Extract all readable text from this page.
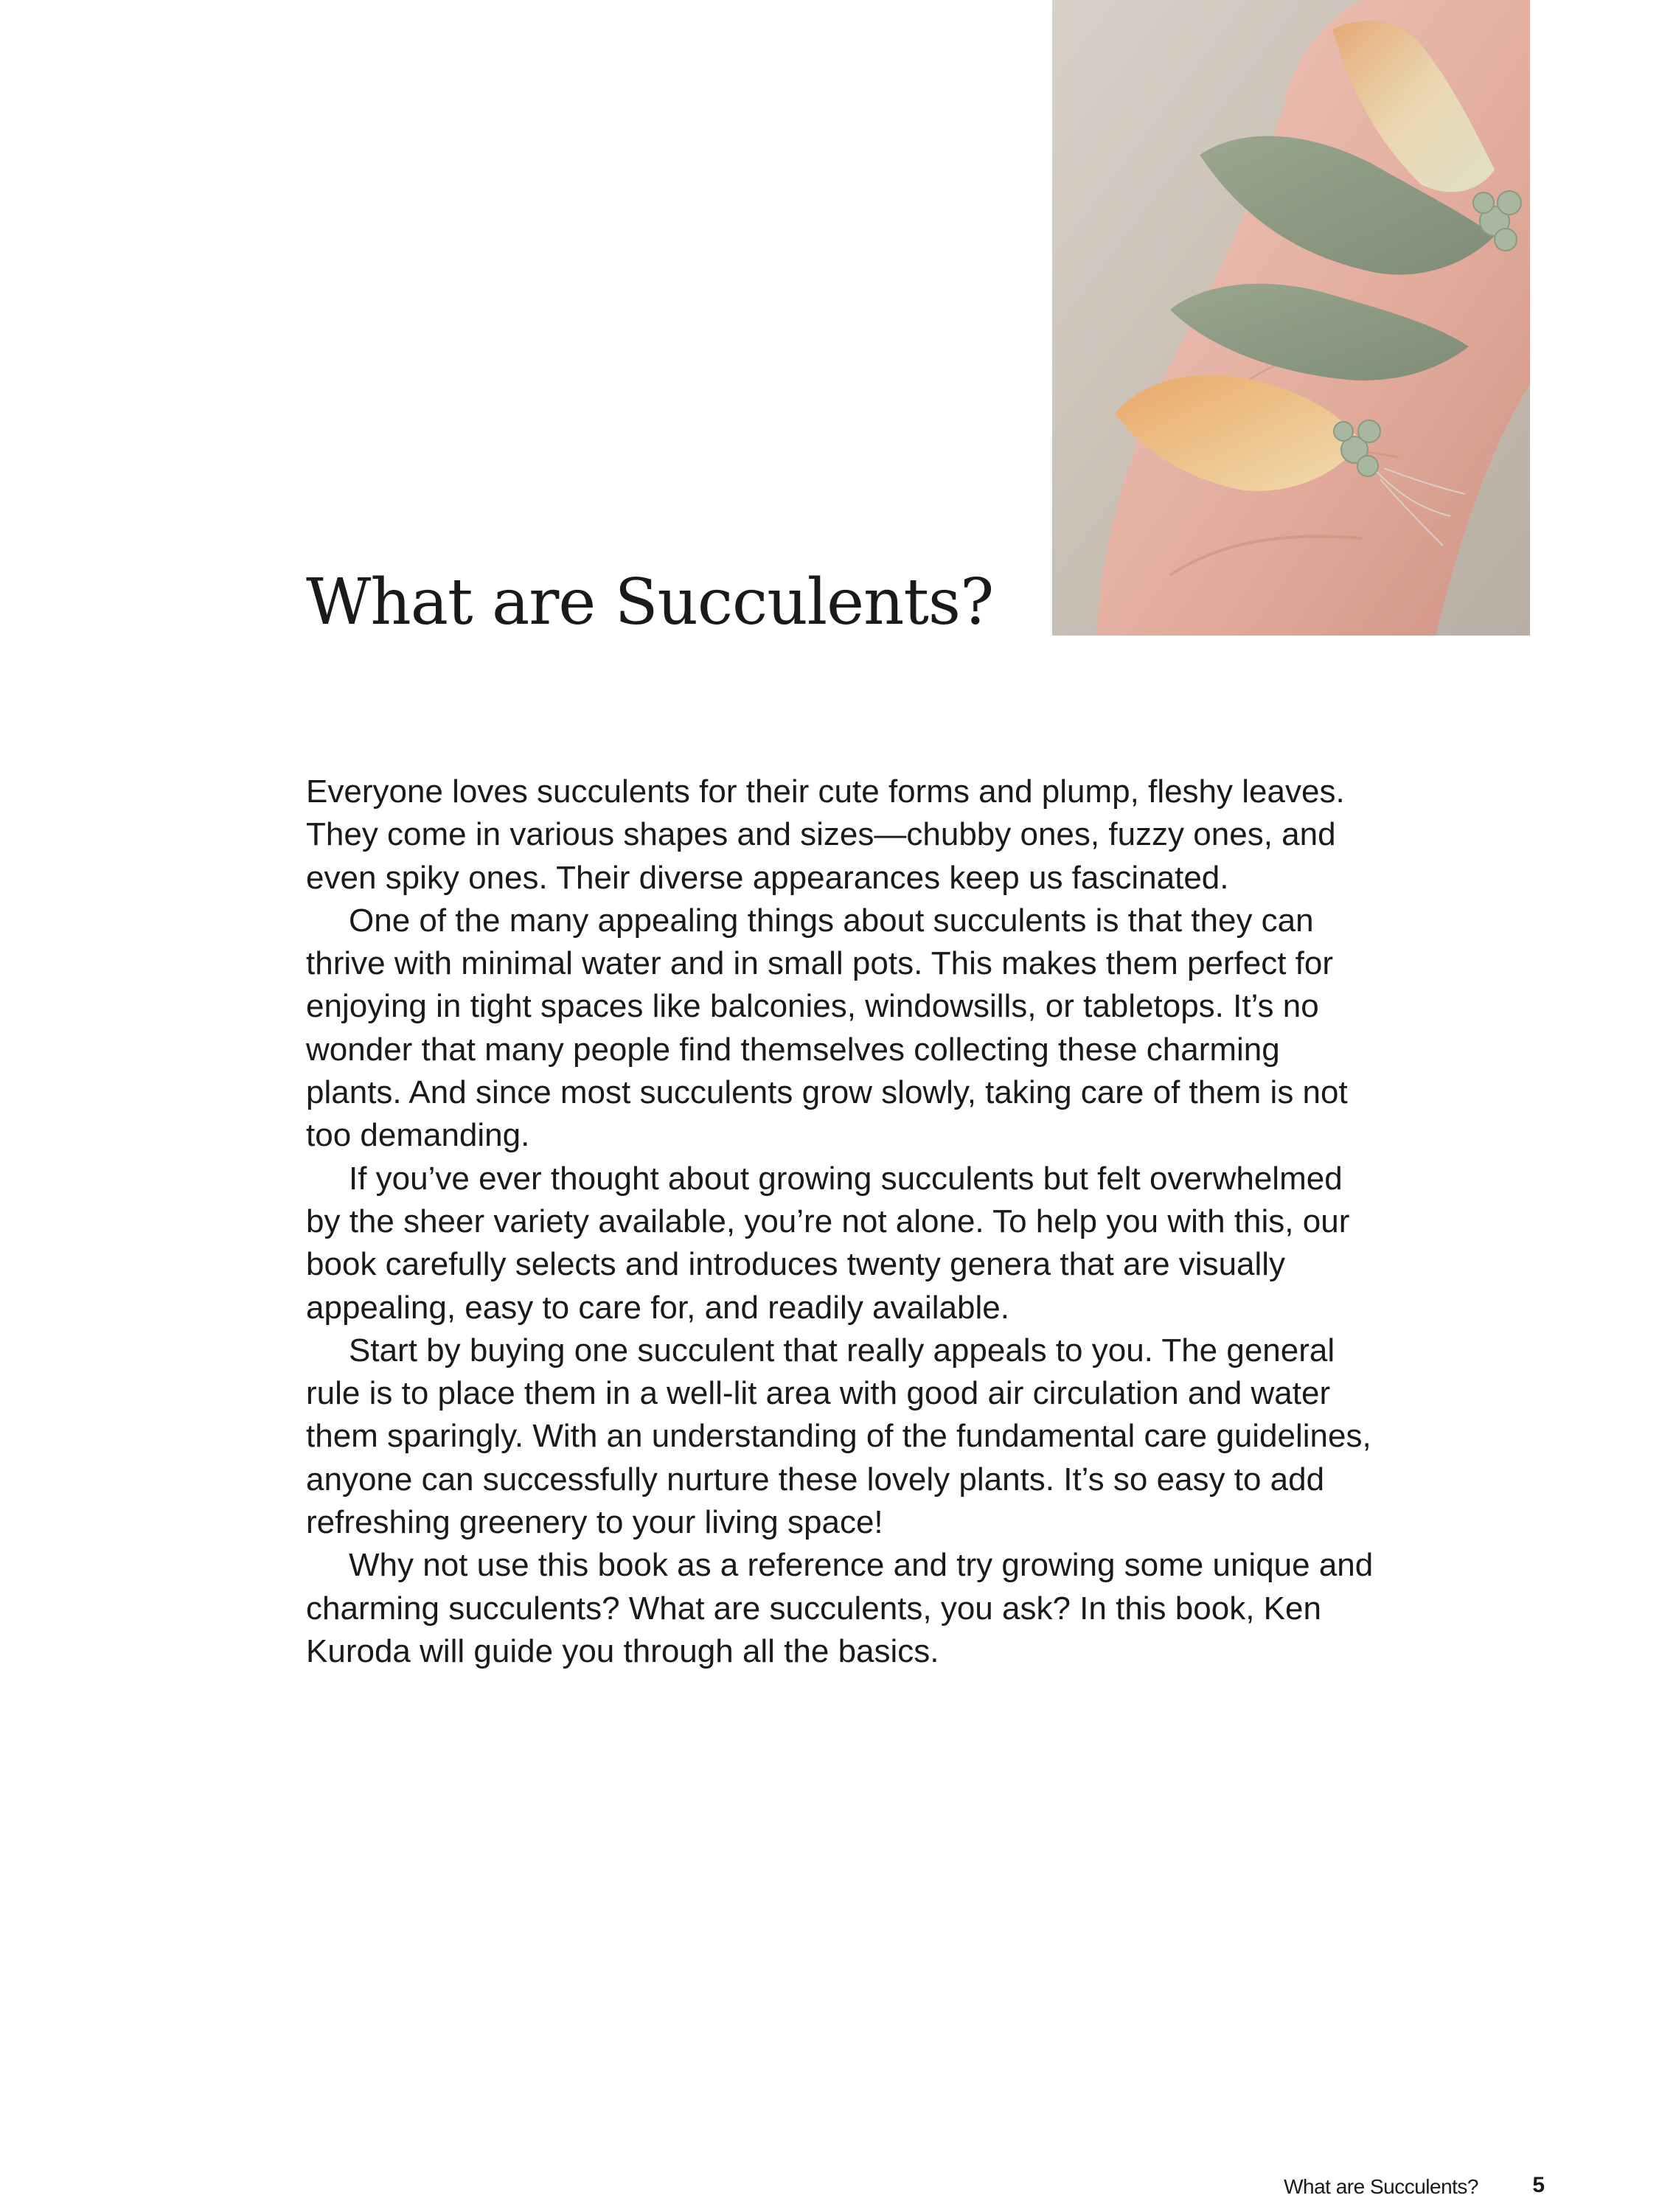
What are Succulents?

Everyone loves succulents for their cute forms and plump, fleshy leaves. They come in various shapes and sizes—chubby ones, fuzzy ones, and even spiky ones. Their diverse appearances keep us fascinated.

One of the many appealing things about succulents is that they can thrive with minimal water and in small pots. This makes them perfect for enjoying in tight spaces like balconies, windowsills, or tabletops. It’s no wonder that many people find themselves collecting these charming plants. And since most succulents grow slowly, taking care of them is not too demanding.

If you’ve ever thought about growing succulents but felt overwhelmed by the sheer variety available, you’re not alone. To help you with this, our book carefully selects and introduces twenty genera that are visually appealing, easy to care for, and readily available.

Start by buying one succulent that really appeals to you. The general rule is to place them in a well-lit area with good air circulation and water them sparingly. With an understanding of the fundamental care guidelines, anyone can successfully nurture these lovely plants. It’s so easy to add refreshing greenery to your living space!

Why not use this book as a reference and try growing some unique and charming succulents? What are succulents, you ask? In this book, Ken Kuroda will guide you through all the basics.

What are Succulents? 5
